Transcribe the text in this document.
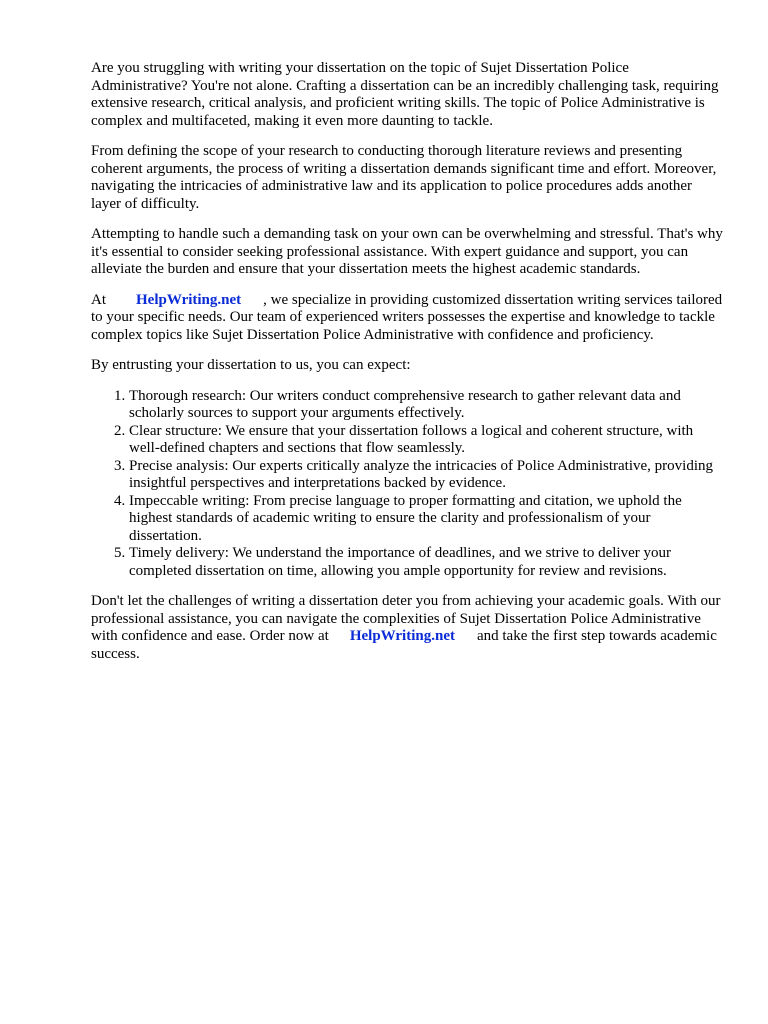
Are you struggling with writing your dissertation on the topic of Sujet Dissertation Police Administrative? You're not alone. Crafting a dissertation can be an incredibly challenging task, requiring extensive research, critical analysis, and proficient writing skills. The topic of Police Administrative is complex and multifaceted, making it even more daunting to tackle.

From defining the scope of your research to conducting thorough literature reviews and presenting coherent arguments, the process of writing a dissertation demands significant time and effort. Moreover, navigating the intricacies of administrative law and its application to police procedures adds another layer of difficulty.

Attempting to handle such a demanding task on your own can be overwhelming and stressful. That's why it's essential to consider seeking professional assistance. With expert guidance and support, you can alleviate the burden and ensure that your dissertation meets the highest academic standards.

At HelpWriting.net , we specialize in providing customized dissertation writing services tailored to your specific needs. Our team of experienced writers possesses the expertise and knowledge to tackle complex topics like Sujet Dissertation Police Administrative with confidence and proficiency.

By entrusting your dissertation to us, you can expect:

1. Thorough research: Our writers conduct comprehensive research to gather relevant data and scholarly sources to support your arguments effectively.
2. Clear structure: We ensure that your dissertation follows a logical and coherent structure, with well-defined chapters and sections that flow seamlessly.
3. Precise analysis: Our experts critically analyze the intricacies of Police Administrative, providing insightful perspectives and interpretations backed by evidence.
4. Impeccable writing: From precise language to proper formatting and citation, we uphold the highest standards of academic writing to ensure the clarity and professionalism of your dissertation.
5. Timely delivery: We understand the importance of deadlines, and we strive to deliver your completed dissertation on time, allowing you ample opportunity for review and revisions.

Don't let the challenges of writing a dissertation deter you from achieving your academic goals. With our professional assistance, you can navigate the complexities of Sujet Dissertation Police Administrative with confidence and ease. Order now at HelpWriting.net and take the first step towards academic success.
